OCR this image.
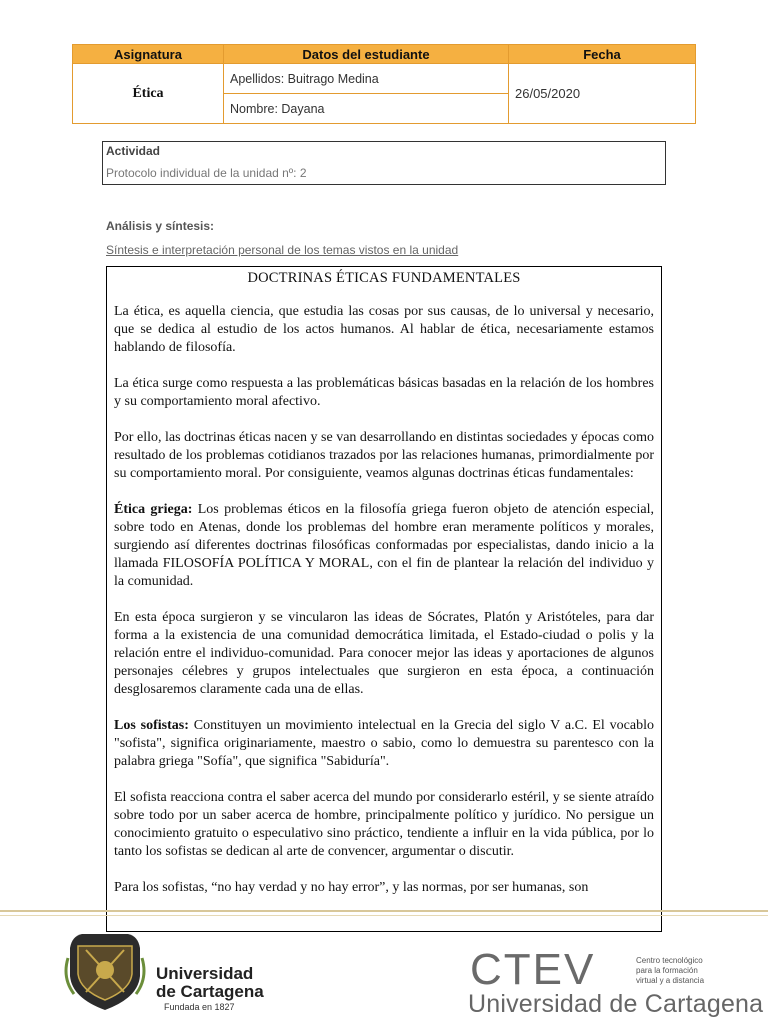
Asignatura	Datos del estudiante	Fecha
Ética	Apellidos: Buitrago Medina	26/05/2020
	Nombre: Dayana	
Actividad
Protocolo individual de la unidad nº: 2
Análisis y síntesis:
Síntesis e interpretación personal de los temas vistos en la unidad
DOCTRINAS ÉTICAS FUNDAMENTALES

La ética, es aquella ciencia, que estudia las cosas por sus causas, de lo universal y necesario, que se dedica al estudio de los actos humanos. Al hablar de ética, necesariamente estamos hablando de filosofía.

La ética surge como respuesta a las problemáticas básicas basadas en la relación de los hombres y su comportamiento moral afectivo.

Por ello, las doctrinas éticas nacen y se van desarrollando en distintas sociedades y épocas como resultado de los problemas cotidianos trazados por las relaciones humanas, primordialmente por su comportamiento moral. Por consiguiente, veamos algunas doctrinas éticas fundamentales:

Ética griega: Los problemas éticos en la filosofía griega fueron objeto de atención especial, sobre todo en Atenas, donde los problemas del hombre eran meramente políticos y morales, surgiendo así diferentes doctrinas filosóficas conformadas por especialistas, dando inicio a la llamada FILOSOFÍA POLÍTICA Y MORAL, con el fin de plantear la relación del individuo y la comunidad.

En esta época surgieron y se vincularon las ideas de Sócrates, Platón y Aristóteles, para dar forma a la existencia de una comunidad democrática limitada, el Estado-ciudad o polis y la relación entre el individuo-comunidad. Para conocer mejor las ideas y aportaciones de algunos personajes célebres y grupos intelectuales que surgieron en esta época, a continuación desglosaremos claramente cada una de ellas.

Los sofistas: Constituyen un movimiento intelectual en la Grecia del siglo V a.C. El vocablo "sofista", significa originariamente, maestro o sabio, como lo demuestra su parentesco con la palabra griega "Sofía", que significa "Sabiduría".

El sofista reacciona contra el saber acerca del mundo por considerarlo estéril, y se siente atraído sobre todo por un saber acerca de hombre, principalmente político y jurídico. No persigue un conocimiento gratuito o especulativo sino práctico, tendiente a influir en la vida pública, por lo tanto los sofistas se dedican al arte de convencer, argumentar o discutir.

Para los sofistas, “no hay verdad y no hay error”, y las normas, por ser humanas, son

Universidad
de Cartagena
Fundada en 1827
CTEV	Centro tecnológico
para la formación
virtual y a distancia
Universidad de Cartagena
